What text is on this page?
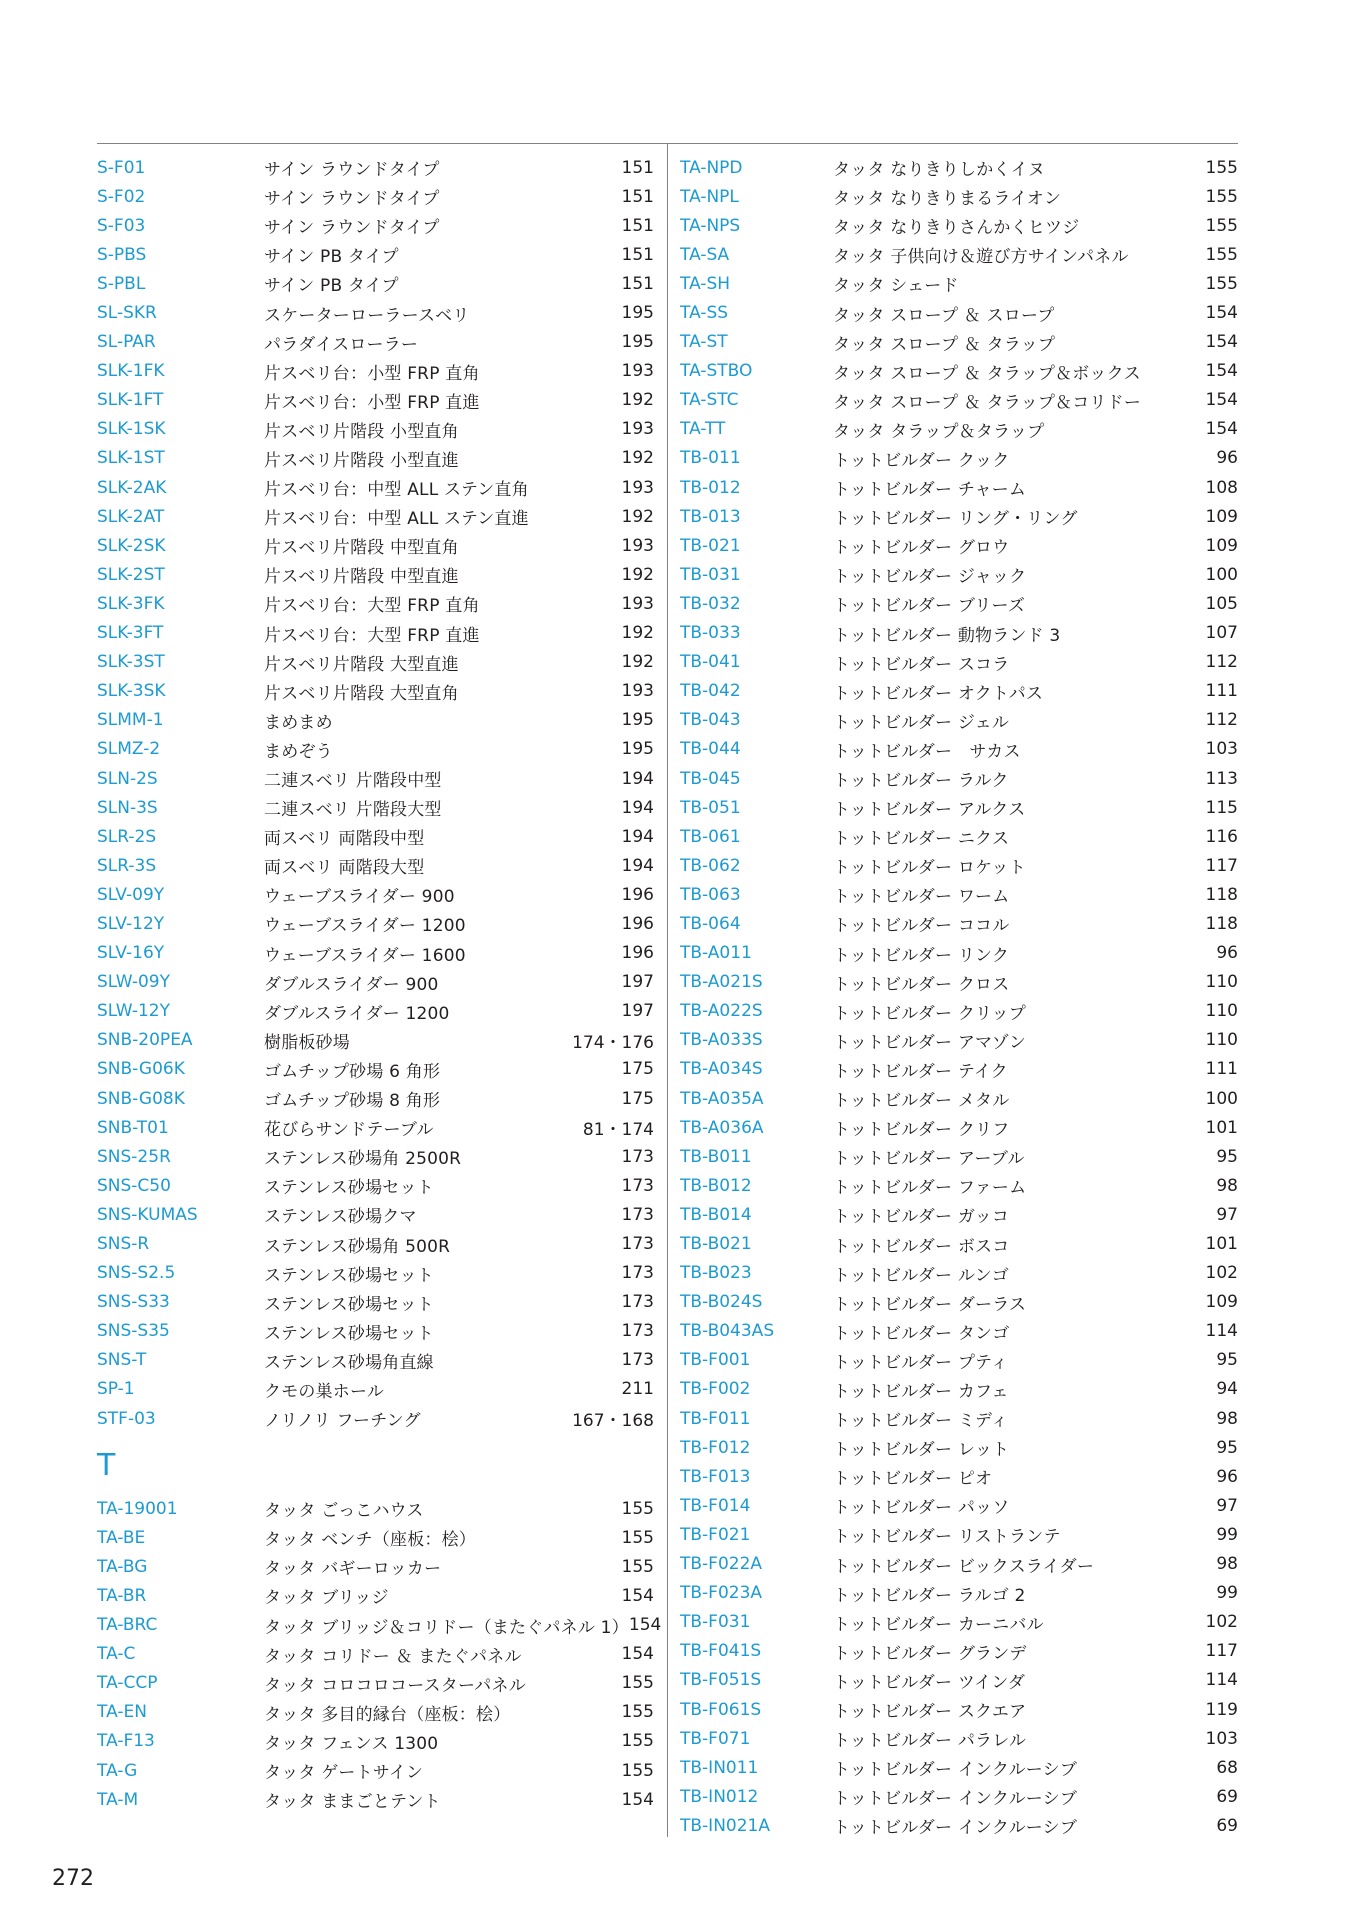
S-F01	サイン ラウンドタイプ	151
S-F02	サイン ラウンドタイプ	151
S-F03	サイン ラウンドタイプ	151
S-PBS	サイン PB タイプ	151
S-PBL	サイン PB タイプ	151
SL-SKR	スケーターローラースベリ	195
SL-PAR	パラダイスローラー	195
SLK-1FK	片スベリ台：小型 FRP 直角	193
SLK-1FT	片スベリ台：小型 FRP 直進	192
SLK-1SK	片スベリ片階段 小型直角	193
SLK-1ST	片スベリ片階段 小型直進	192
SLK-2AK	片スベリ台：中型 ALL ステン直角	193
SLK-2AT	片スベリ台：中型 ALL ステン直進	192
SLK-2SK	片スベリ片階段 中型直角	193
SLK-2ST	片スベリ片階段 中型直進	192
SLK-3FK	片スベリ台：大型 FRP 直角	193
SLK-3FT	片スベリ台：大型 FRP 直進	192
SLK-3ST	片スベリ片階段 大型直進	192
SLK-3SK	片スベリ片階段 大型直角	193
SLMM-1	まめまめ	195
SLMZ-2	まめぞう	195
SLN-2S	二連スベリ 片階段中型	194
SLN-3S	二連スベリ 片階段大型	194
SLR-2S	両スベリ 両階段中型	194
SLR-3S	両スベリ 両階段大型	194
SLV-09Y	ウェーブスライダー 900	196
SLV-12Y	ウェーブスライダー 1200	196
SLV-16Y	ウェーブスライダー 1600	196
SLW-09Y	ダブルスライダー 900	197
SLW-12Y	ダブルスライダー 1200	197
SNB-20PEA	樹脂板砂場	174・176
SNB-G06K	ゴムチップ砂場 6 角形	175
SNB-G08K	ゴムチップ砂場 8 角形	175
SNB-T01	花びらサンドテーブル	81・174
SNS-25R	ステンレス砂場角 2500R	173
SNS-C50	ステンレス砂場セット	173
SNS-KUMAS	ステンレス砂場クマ	173
SNS-R	ステンレス砂場角 500R	173
SNS-S2.5	ステンレス砂場セット	173
SNS-S33	ステンレス砂場セット	173
SNS-S35	ステンレス砂場セット	173
SNS-T	ステンレス砂場角直線	173
SP-1	クモの巣ホール	211
STF-03	ノリノリ フーチング	167・168
T
TA-19001	タッタ ごっこハウス	155
TA-BE	タッタ ベンチ（座板：桧）	155
TA-BG	タッタ バギーロッカー	155
TA-BR	タッタ ブリッジ	154
TA-BRC	タッタ ブリッジ＆コリドー（またぐパネル 1） 154
TA-C	タッタ コリドー ＆ またぐパネル	154
TA-CCP	タッタ コロコロコースターパネル	155
TA-EN	タッタ 多目的縁台（座板：桧）	155
TA-F13	タッタ フェンス 1300	155
TA-G	タッタ ゲートサイン	155
TA-M	タッタ ままごとテント	154
TA-NPD	タッタ なりきりしかくイヌ	155
TA-NPL	タッタ なりきりまるライオン	155
TA-NPS	タッタ なりきりさんかくヒツジ	155
TA-SA	タッタ 子供向け＆遊び方サインパネル	155
TA-SH	タッタ シェード	155
TA-SS	タッタ スロープ ＆ スロープ	154
TA-ST	タッタ スロープ ＆ タラップ	154
TA-STBO	タッタ スロープ ＆ タラップ＆ボックス	154
TA-STC	タッタ スロープ ＆ タラップ＆コリドー	154
TA-TT	タッタ タラップ＆タラップ	154
TB-011	トットビルダー クック	96
TB-012	トットビルダー チャーム	108
TB-013	トットビルダー リング・リング	109
TB-021	トットビルダー グロウ	109
TB-031	トットビルダー ジャック	100
TB-032	トットビルダー ブリーズ	105
TB-033	トットビルダー 動物ランド 3	107
TB-041	トットビルダー スコラ	112
TB-042	トットビルダー オクトパス	111
TB-043	トットビルダー ジェル	112
TB-044	トットビルダー　サカス	103
TB-045	トットビルダー ラルク	113
TB-051	トットビルダー アルクス	115
TB-061	トットビルダー ニクス	116
TB-062	トットビルダー ロケット	117
TB-063	トットビルダー ワーム	118
TB-064	トットビルダー ココル	118
TB-A011	トットビルダー リンク	96
TB-A021S	トットビルダー クロス	110
TB-A022S	トットビルダー クリップ	110
TB-A033S	トットビルダー アマゾン	110
TB-A034S	トットビルダー テイク	111
TB-A035A	トットビルダー メタル	100
TB-A036A	トットビルダー クリフ	101
TB-B011	トットビルダー アーブル	95
TB-B012	トットビルダー ファーム	98
TB-B014	トットビルダー ガッコ	97
TB-B021	トットビルダー ボスコ	101
TB-B023	トットビルダー ルンゴ	102
TB-B024S	トットビルダー ダーラス	109
TB-B043AS	トットビルダー タンゴ	114
TB-F001	トットビルダー プティ	95
TB-F002	トットビルダー カフェ	94
TB-F011	トットビルダー ミディ	98
TB-F012	トットビルダー レット	95
TB-F013	トットビルダー ピオ	96
TB-F014	トットビルダー パッソ	97
TB-F021	トットビルダー リストランテ	99
TB-F022A	トットビルダー ビックスライダー	98
TB-F023A	トットビルダー ラルゴ 2	99
TB-F031	トットビルダー カーニバル	102
TB-F041S	トットビルダー グランデ	117
TB-F051S	トットビルダー ツインダ	114
TB-F061S	トットビルダー スクエア	119
TB-F071	トットビルダー パラレル	103
TB-IN011	トットビルダー インクルーシブ	68
TB-IN012	トットビルダー インクルーシブ	69
TB-IN021A	トットビルダー インクルーシブ	69
272
